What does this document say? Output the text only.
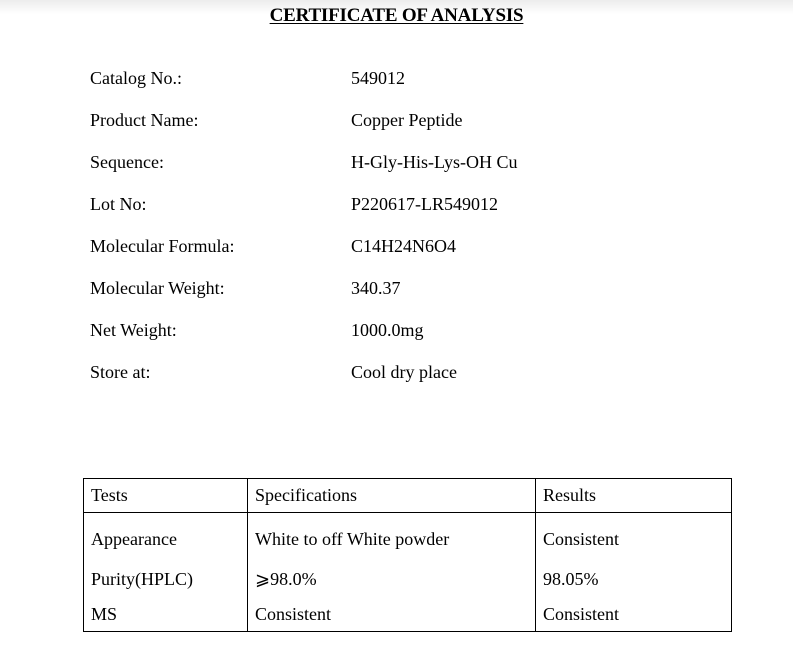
CERTIFICATE OF ANALYSIS
Catalog No.:	549012
Product Name:	Copper Peptide
Sequence:	H-Gly-His-Lys-OH Cu
Lot No:	P220617-LR549012
Molecular Formula:	C14H24N6O4
Molecular Weight:	340.37
Net Weight:	1000.0mg
Store at:	Cool dry place
Tests	Specifications	Results
Appearance	White to off White powder	Consistent
Purity(HPLC)	⩾98.0%	98.05%
MS	Consistent	Consistent
